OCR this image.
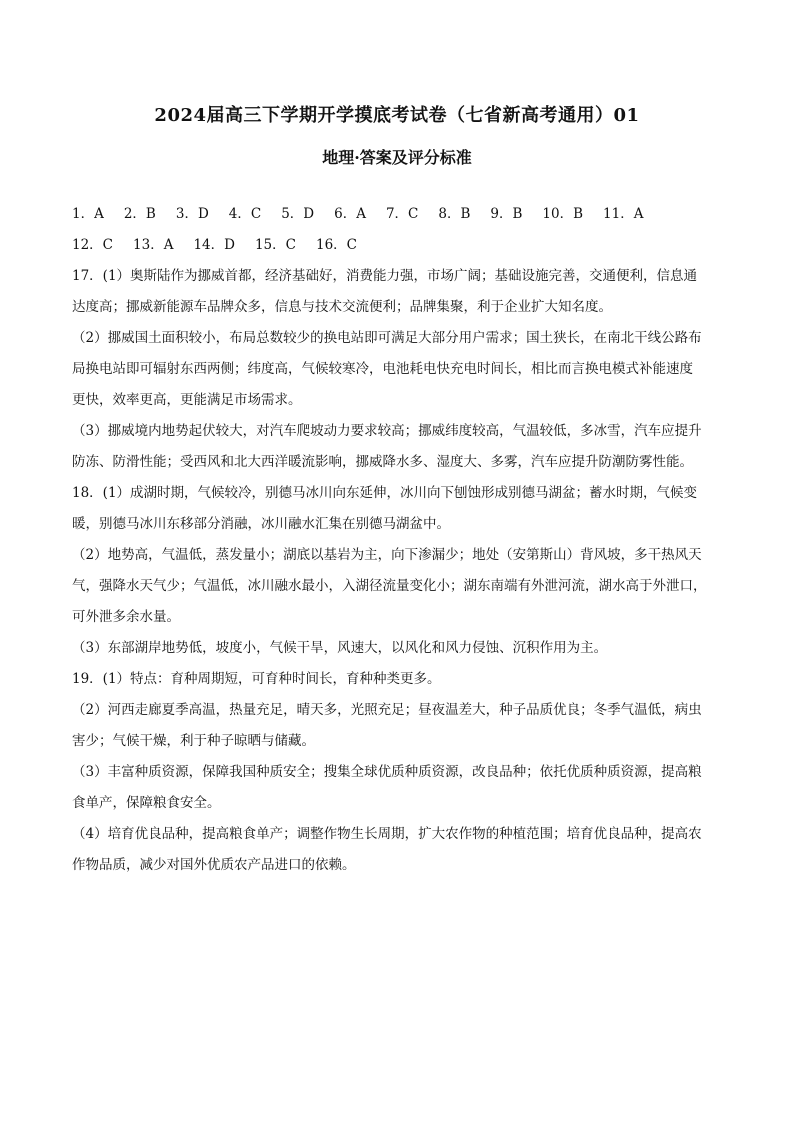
2024届高三下学期开学摸底考试卷（七省新高考通用）01
地理·答案及评分标准
1．A 2．B 3．D 4．C 5．D 6．A 7．C 8．B 9．B 10．B 11．A
12．C 13．A 14．D 15．C 16．C
17．(1）奥斯陆作为挪威首都，经济基础好，消费能力强，市场广阔；基础设施完善，交通便利，信息通
达度高；挪威新能源车品牌众多，信息与技术交流便利；品牌集聚，利于企业扩大知名度。
（2）挪威国土面积较小，布局总数较少的换电站即可满足大部分用户需求；国土狭长，在南北干线公路布
局换电站即可辐射东西两侧；纬度高，气候较寒冷，电池耗电快充电时间长，相比而言换电模式补能速度
更快，效率更高，更能满足市场需求。
（3）挪威境内地势起伏较大，对汽车爬坡动力要求较高；挪威纬度较高，气温较低，多冰雪，汽车应提升
防冻、防滑性能；受西风和北大西洋暖流影响，挪威降水多、湿度大、多雾，汽车应提升防潮防雾性能。
18．(1）成湖时期，气候较冷，别德马冰川向东延伸，冰川向下刨蚀形成别德马湖盆；蓄水时期，气候变
暖，别德马冰川东移部分消融，冰川融水汇集在别德马湖盆中。
（2）地势高，气温低，蒸发量小；湖底以基岩为主，向下渗漏少；地处（安第斯山）背风坡，多干热风天
气，强降水天气少；气温低，冰川融水最小，入湖径流量变化小；湖东南端有外泄河流，湖水高于外泄口，
可外泄多余水量。
（3）东部湖岸地势低，坡度小，气候干旱，风速大，以风化和风力侵蚀、沉积作用为主。
19．(1）特点：育种周期短，可育种时间长，育种种类更多。
（2）河西走廊夏季高温，热量充足，晴天多，光照充足；昼夜温差大，种子品质优良；冬季气温低，病虫
害少；气候干燥，利于种子晾晒与储藏。
（3）丰富种质资源，保障我国种质安全；搜集全球优质种质资源，改良品种；依托优质种质资源，提高粮
食单产，保障粮食安全。
（4）培育优良品种，提高粮食单产；调整作物生长周期，扩大农作物的种植范围；培育优良品种，提高农
作物品质，减少对国外优质农产品进口的依赖。
